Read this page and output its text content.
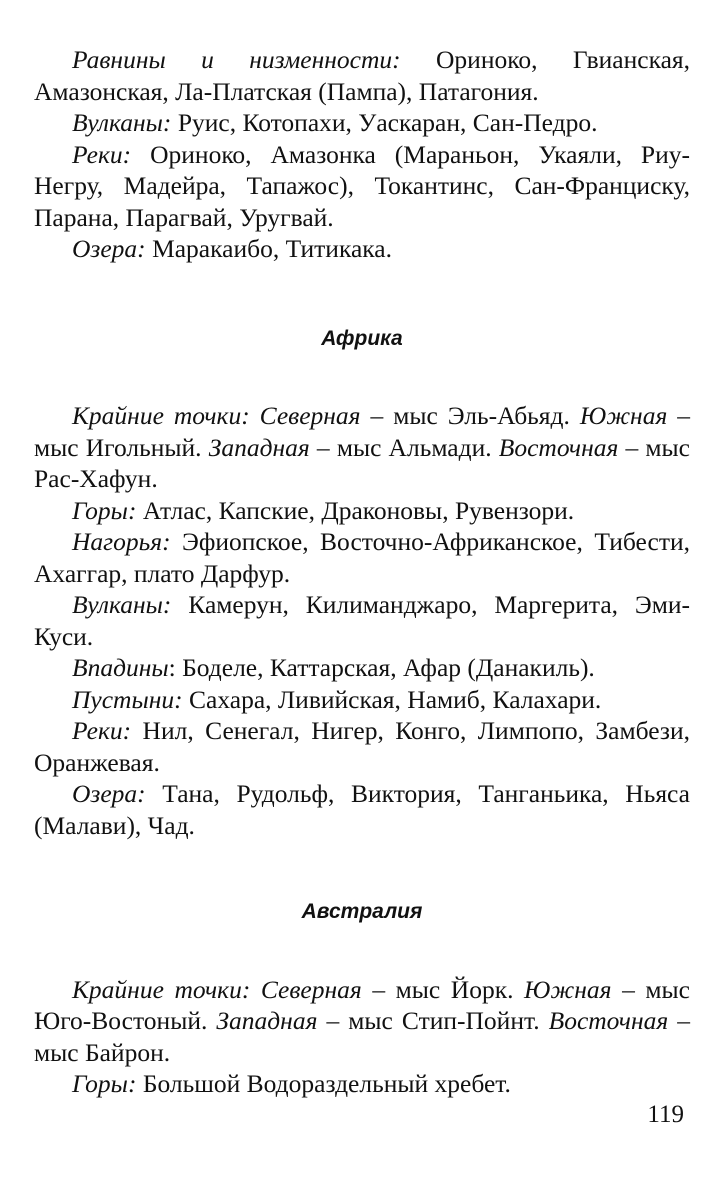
Равнины и низменности: Ориноко, Гвианская, Амазонская, Ла-Платская (Пампа), Патагония.

Вулканы: Руис, Котопахи, Уаскаран, Сан-Педро.

Реки: Ориноко, Амазонка (Мараньон, Укаяли, Риу-Негру, Мадейра, Тапажос), Токантинс, Сан-Франциску, Парана, Парагвай, Уругвай.

Озера: Маракаибо, Титикака.

Африка

Крайние точки: Северная – мыс Эль-Абьяд. Южная – мыс Игольный. Западная – мыс Альмади. Восточная – мыс Рас-Хафун.

Горы: Атлас, Капские, Драконовы, Рувензори.

Нагорья: Эфиопское, Восточно-Африканское, Тибести, Ахаггар, плато Дарфур.

Вулканы: Камерун, Килиманджаро, Маргерита, Эми-Куси.

Впадины: Боделе, Каттарская, Афар (Данакиль).

Пустыни: Сахара, Ливийская, Намиб, Калахари.

Реки: Нил, Сенегал, Нигер, Конго, Лимпопо, Замбези, Оранжевая.

Озера: Тана, Рудольф, Виктория, Танганьика, Ньяса (Малави), Чад.

Австралия

Крайние точки: Северная – мыс Йорк. Южная – мыс Юго-Востоный. Западная – мыс Стип-Пойнт. Восточная – мыс Байрон.

Горы: Большой Водораздельный хребет.

119
